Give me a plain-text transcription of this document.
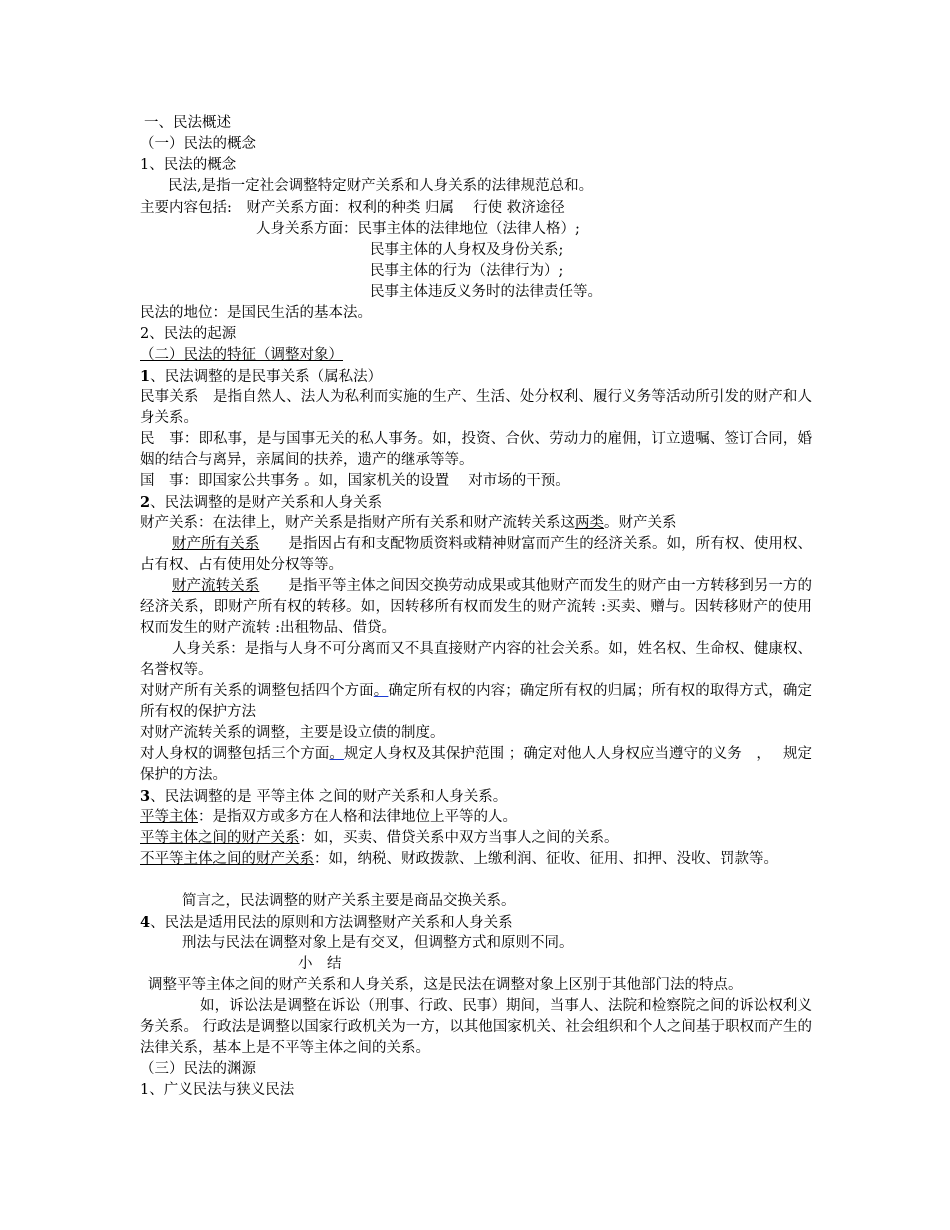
一、民法概述
（一）民法的概念
1、民法的概念
民法,是指一定社会调整特定财产关系和人身关系的法律规范总和。
主要内容包括:　财产关系方面：权利的种类 归属　 行使 救济途径
人身关系方面：民事主体的法律地位（法律人格）;
民事主体的人身权及身份关系;
民事主体的行为（法律行为）;
民事主体违反义务时的法律责任等。
民法的地位：是国民生活的基本法。
2、民法的起源
（二）民法的特征（调整对象）
1、民法调整的是民事关系（属私法）
民事关系　是指自然人、法人为私利而实施的生产、生活、处分权利、履行义务等活动所引发的财产和人身关系。
民　事：即私事，是与国事无关的私人事务。如，投资、合伙、劳动力的雇佣，订立遗嘱、签订合同，婚姻的结合与离异，亲属间的扶养，遗产的继承等等。
国　事：即国家公共事务 。如，国家机关的设置　 对市场的干预。
2、民法调整的是财产关系和人身关系
财产关系：在法律上，财产关系是指财产所有关系和财产流转关系这两类。财产关系
财产所有关系　　是指因占有和支配物质资料或精神财富而产生的经济关系。如，所有权、使用权、占有权、占有使用处分权等等。
财产流转关系　　是指平等主体之间因交换劳动成果或其他财产而发生的财产由一方转移到另一方的经济关系，即财产所有权的转移。如，因转移所有权而发生的财产流转 :买卖、赠与。因转移财产的使用权而发生的财产流转 :出租物品、借贷。
人身关系：是指与人身不可分离而又不具直接财产内容的社会关系。如，姓名权、生命权、健康权、名誉权等。
对财产所有关系的调整包括四个方面。确定所有权的内容；确定所有权的归属；所有权的取得方式，确定所有权的保护方法
对财产流转关系的调整，主要是设立债的制度。
对人身权的调整包括三个方面。规定人身权及其保护范围 ；确定对他人人身权应当遵守的义务　，　 规定保护的方法。
3、民法调整的是 平等主体 之间的财产关系和人身关系。
平等主体：是指双方或多方在人格和法律地位上平等的人。
平等主体之间的财产关系：如，买卖、借贷关系中双方当事人之间的关系。
不平等主体之间的财产关系：如，纳税、财政拨款、上缴利润、征收、征用、扣押、没收、罚款等。
简言之，民法调整的财产关系主要是商品交换关系。
4、民法是适用民法的原则和方法调整财产关系和人身关系
刑法与民法在调整对象上是有交叉，但调整方式和原则不同。
小　结
调整平等主体之间的财产关系和人身关系，这是民法在调整对象上区别于其他部门法的特点。
如，诉讼法是调整在诉讼（刑事、行政、民事）期间，当事人、法院和检察院之间的诉讼权利义务关系。 行政法是调整以国家行政机关为一方，以其他国家机关、社会组织和个人之间基于职权而产生的法律关系，基本上是不平等主体之间的关系。
（三）民法的渊源
1、广义民法与狭义民法
